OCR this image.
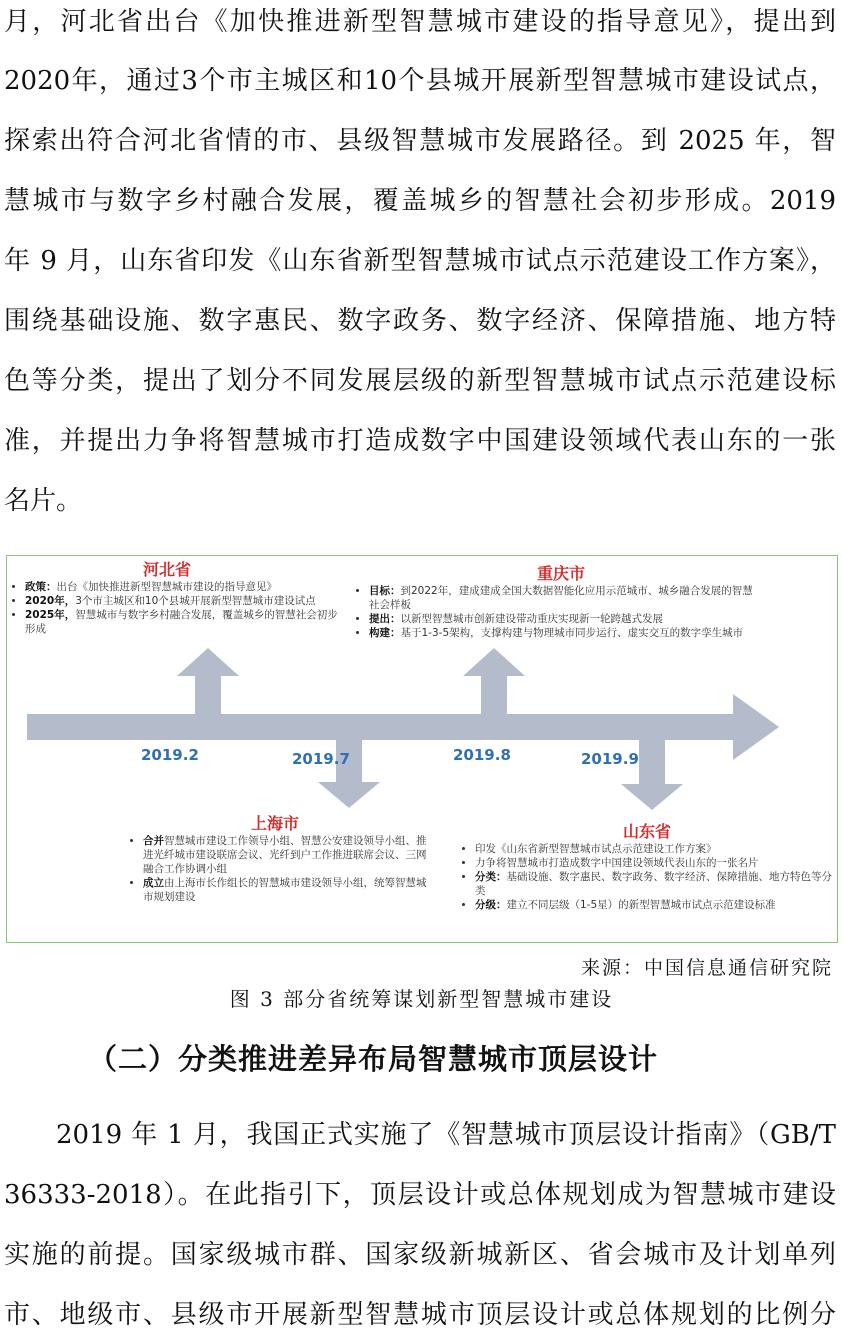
月，河北省出台《加快推进新型智慧城市建设的指导意见》，提出到
2020年，通过3个市主城区和10个县城开展新型智慧城市建设试点，
探索出符合河北省情的市、县级智慧城市发展路径。到 2025 年，智
慧城市与数字乡村融合发展，覆盖城乡的智慧社会初步形成。2019
年 9 月，山东省印发《山东省新型智慧城市试点示范建设工作方案》，
围绕基础设施、数字惠民、数字政务、数字经济、保障措施、地方特
色等分类，提出了划分不同发展层级的新型智慧城市试点示范建设标
准，并提出力争将智慧城市打造成数字中国建设领域代表山东的一张
名片。
2019.2	2019.7	2019.8	2019.9
河北省
• 政策：出台《加快推进新型智慧城市建设的指导意见》
• 2020年，3个市主城区和10个县城开展新型智慧城市建设试点
• 2025年，智慧城市与数字乡村融合发展，覆盖城乡的智慧社会初步形成
重庆市
• 目标：到2022年，建成建成全国大数据智能化应用示范城市、城乡融合发展的智慧社会样板
• 提出：以新型智慧城市创新建设带动重庆实现新一轮跨越式发展
• 构建：基于1-3-5架构，支撑构建与物理城市同步运行、虚实交互的数字孪生城市
上海市
• 合并智慧城市建设工作领导小组、智慧公安建设领导小组、推进光纤城市建设联席会议、光纤到户工作推进联席会议、三网融合工作协调小组
• 成立由上海市长作组长的智慧城市建设领导小组，统筹智慧城市规划建设
山东省
• 印发《山东省新型智慧城市试点示范建设工作方案》
• 力争将智慧城市打造成数字中国建设领域代表山东的一张名片
• 分类：基础设施、数字惠民、数字政务、数字经济、保障措施、地方特色等分类
• 分级：建立不同层级（1-5星）的新型智慧城市试点示范建设标准
来源：中国信息通信研究院
图 3 部分省统筹谋划新型智慧城市建设
（二）分类推进差异布局智慧城市顶层设计
2019 年 1 月，我国正式实施了《智慧城市顶层设计指南》（GB/T
36333-2018）。在此指引下，顶层设计或总体规划成为智慧城市建设
实施的前提。国家级城市群、国家级新城新区、省会城市及计划单列
市、地级市、县级市开展新型智慧城市顶层设计或总体规划的比例分
